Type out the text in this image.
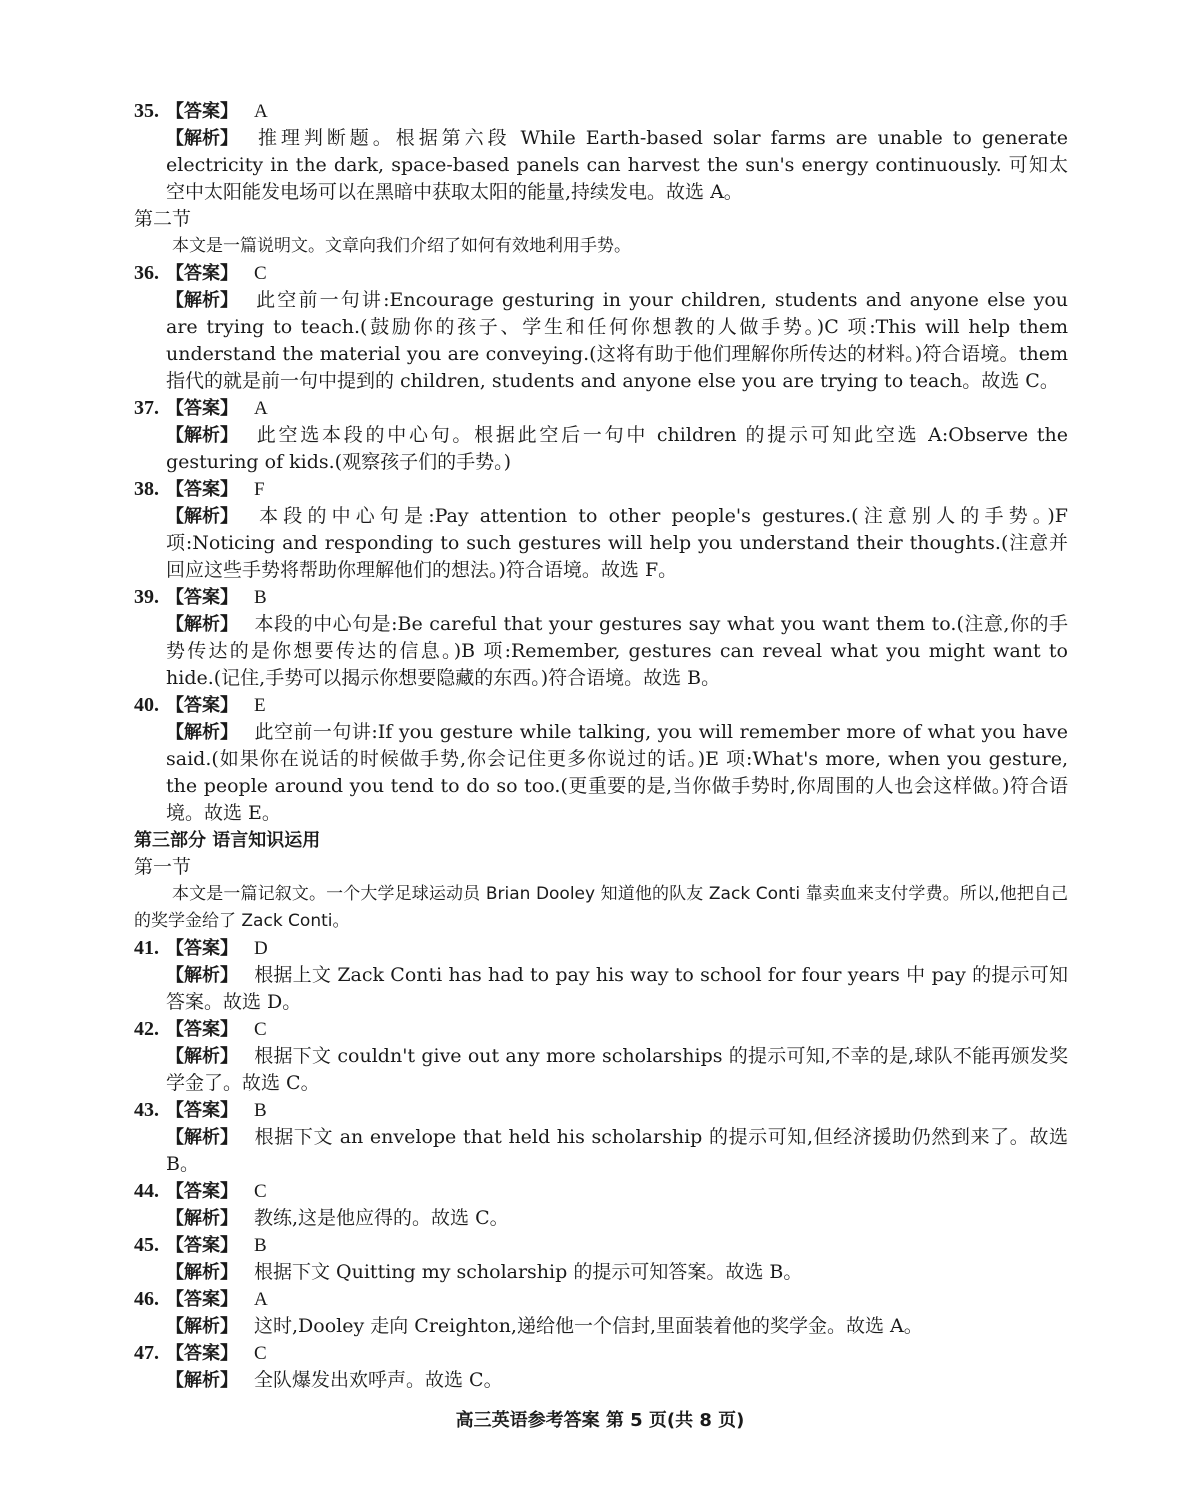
35. 【答案】 A
【解析】 推理判断题。根据第六段 While Earth-based solar farms are unable to generate electricity in the dark, space-based panels can harvest the sun's energy continuously. 可知太空中太阳能发电场可以在黑暗中获取太阳的能量,持续发电。故选 A。
第二节
本文是一篇说明文。文章向我们介绍了如何有效地利用手势。
36. 【答案】 C
【解析】 此空前一句讲:Encourage gesturing in your children, students and anyone else you are trying to teach.(鼓励你的孩子、学生和任何你想教的人做手势。)C 项:This will help them understand the material you are conveying.(这将有助于他们理解你所传达的材料。)符合语境。them 指代的就是前一句中提到的 children, students and anyone else you are trying to teach。故选 C。
37. 【答案】 A
【解析】 此空选本段的中心句。根据此空后一句中 children 的提示可知此空选 A:Observe the gesturing of kids.(观察孩子们的手势。)
38. 【答案】 F
【解析】 本段的中心句是:Pay attention to other people's gestures.(注意别人的手势。)F 项:Noticing and responding to such gestures will help you understand their thoughts.(注意并回应这些手势将帮助你理解他们的想法。)符合语境。故选 F。
39. 【答案】 B
【解析】 本段的中心句是:Be careful that your gestures say what you want them to.(注意,你的手势传达的是你想要传达的信息。)B 项:Remember, gestures can reveal what you might want to hide.(记住,手势可以揭示你想要隐藏的东西。)符合语境。故选 B。
40. 【答案】 E
【解析】 此空前一句讲:If you gesture while talking, you will remember more of what you have said.(如果你在说话的时候做手势,你会记住更多你说过的话。)E 项:What's more, when you gesture, the people around you tend to do so too.(更重要的是,当你做手势时,你周围的人也会这样做。)符合语境。故选 E。
第三部分 语言知识运用
第一节
本文是一篇记叙文。一个大学足球运动员 Brian Dooley 知道他的队友 Zack Conti 靠卖血来支付学费。所以,他把自己的奖学金给了 Zack Conti。
41. 【答案】 D
【解析】 根据上文 Zack Conti has had to pay his way to school for four years 中 pay 的提示可知答案。故选 D。
42. 【答案】 C
【解析】 根据下文 couldn't give out any more scholarships 的提示可知,不幸的是,球队不能再颁发奖学金了。故选 C。
43. 【答案】 B
【解析】 根据下文 an envelope that held his scholarship 的提示可知,但经济援助仍然到来了。故选 B。
44. 【答案】 C
【解析】 教练,这是他应得的。故选 C。
45. 【答案】 B
【解析】 根据下文 Quitting my scholarship 的提示可知答案。故选 B。
46. 【答案】 A
【解析】 这时,Dooley 走向 Creighton,递给他一个信封,里面装着他的奖学金。故选 A。
47. 【答案】 C
【解析】 全队爆发出欢呼声。故选 C。
高三英语参考答案 第 5 页(共 8 页)
